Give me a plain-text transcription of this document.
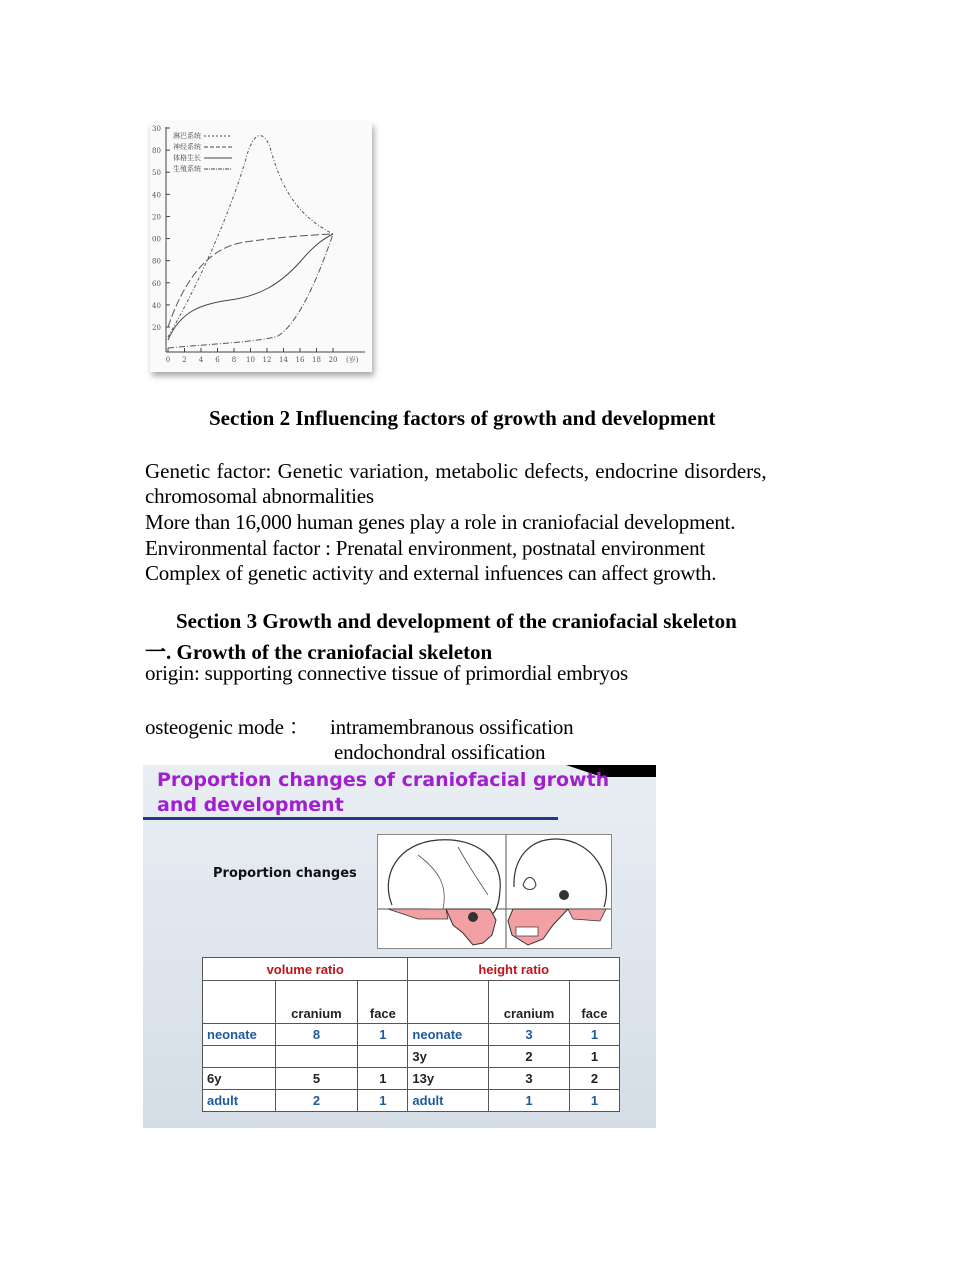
30
80
50
40
20
00
80
60
40
20
0 2 4 6 8 10 12 14 16 18 20 (岁)
淋巴系统
神经系统
体格生长
生殖系统
Section 2 Influencing factors of growth and development
Genetic factor: Genetic variation, metabolic defects, endocrine disorders,
chromosomal abnormalities
More than 16,000 human genes play a role in craniofacial development.
Environmental factor : Prenatal environment, postnatal environment
Complex of genetic activity and external infuences can affect growth.
Section 3 Growth and development of the craniofacial skeleton
一. Growth of the craniofacial skeleton
origin: supporting connective tissue of primordial embryos
osteogenic mode ： intramembranous ossification
endochondral ossification
Proportion changes of craniofacial growth and development
Proportion changes
volume ratio			height ratio		
	cranium	face		cranium	face
neonate	8	1	neonate	3	1
			3y	2	1
6y	5	1	13y	3	2
adult	2	1	adult	1	1
